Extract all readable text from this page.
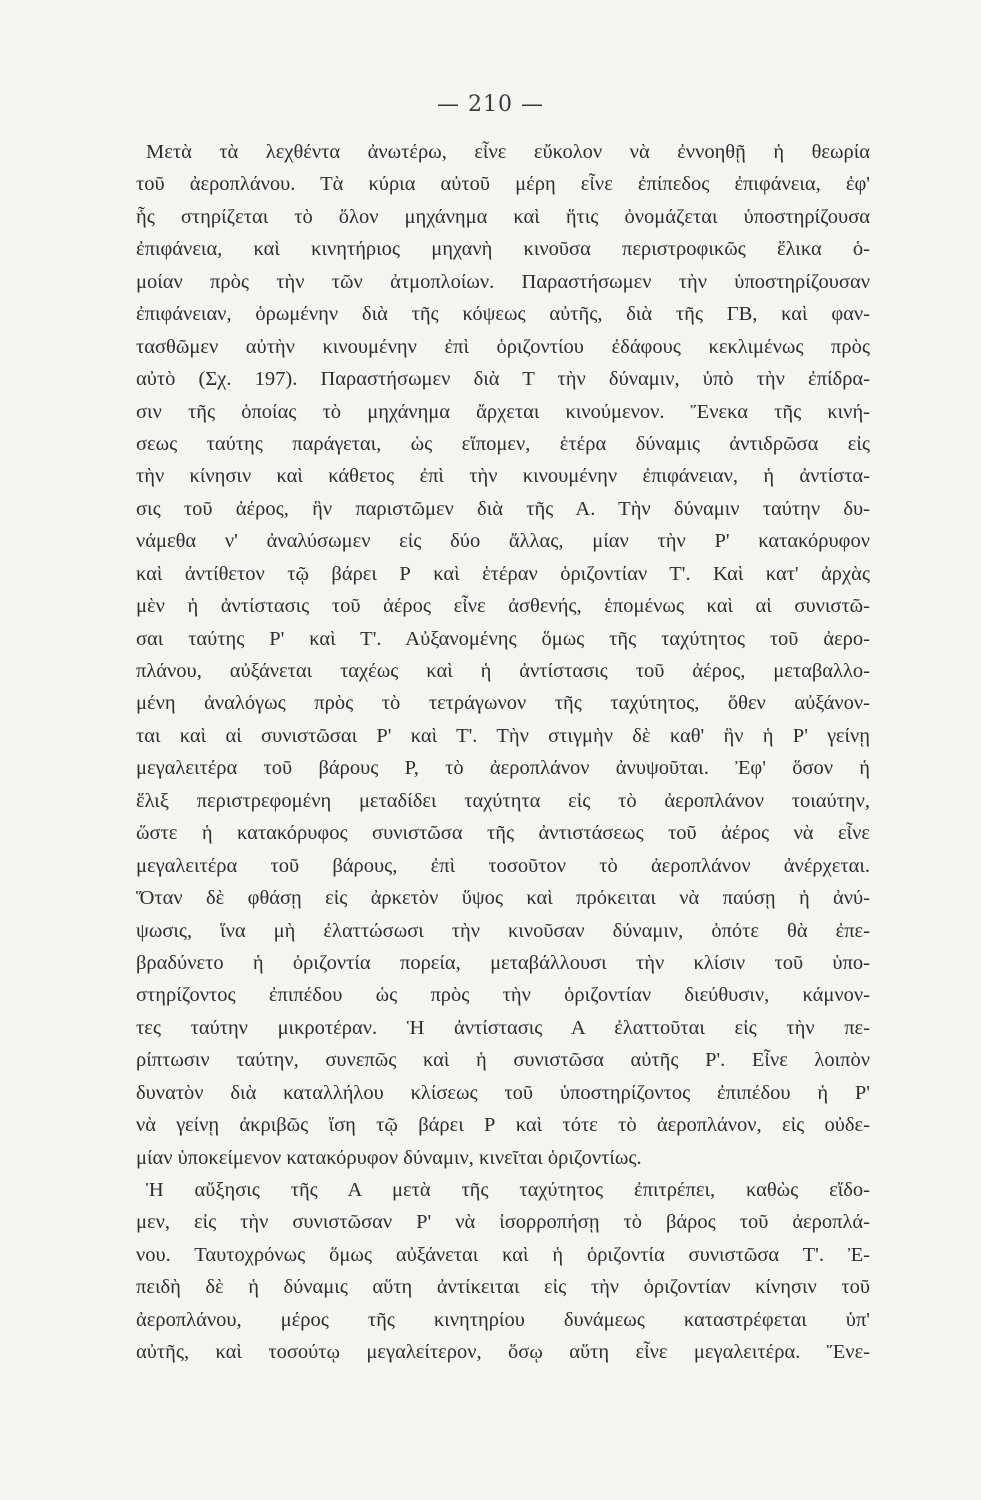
— 210 —
Μετὰ τὰ λεχθέντα ἀνωτέρω, εἶνε εὔκολον νὰ ἐννοηθῇ ἡ θεωρία
τοῦ ἀεροπλάνου. Τὰ κύρια αὐτοῦ μέρη εἶνε ἐπίπεδος ἐπιφάνεια, ἐφ'
ἧς στηρίζεται τὸ ὅλον μηχάνημα καὶ ἥτις ὀνομάζεται ὑποστηρίζουσα
ἐπιφάνεια, καὶ κινητήριος μηχανὴ κινοῦσα περιστροφικῶς ἕλικα ὁ-
μοίαν πρὸς τὴν τῶν ἀτμοπλοίων. Παραστήσωμεν τὴν ὑποστηρίζουσαν
ἐπιφάνειαν, ὁρωμένην διὰ τῆς κόψεως αὐτῆς, διὰ τῆς ΓΒ, καὶ φαν-
τασθῶμεν αὐτὴν κινουμένην ἐπὶ ὁριζοντίου ἐδάφους κεκλιμένως πρὸς
αὐτὸ (Σχ. 197). Παραστήσωμεν διὰ Τ τὴν δύναμιν, ὑπὸ τὴν ἐπίδρα-
σιν τῆς ὁποίας τὸ μηχάνημα ἄρχεται κινούμενον. Ἕνεκα τῆς κινή-
σεως ταύτης παράγεται, ὡς εἴπομεν, ἑτέρα δύναμις ἀντιδρῶσα εἰς
τὴν κίνησιν καὶ κάθετος ἐπὶ τὴν κινουμένην ἐπιφάνειαν, ἡ ἀντίστα-
σις τοῦ ἀέρος, ἣν παριστῶμεν διὰ τῆς Α. Τὴν δύναμιν ταύτην δυ-
νάμεθα ν' ἀναλύσωμεν εἰς δύο ἄλλας, μίαν τὴν Ρ' κατακόρυφον
καὶ ἀντίθετον τῷ βάρει Ρ καὶ ἑτέραν ὁριζοντίαν Τ'. Καὶ κατ' ἀρχὰς
μὲν ἡ ἀντίστασις τοῦ ἀέρος εἶνε ἀσθενής, ἑπομένως καὶ αἱ συνιστῶ-
σαι ταύτης Ρ' καὶ Τ'. Αὐξανομένης ὅμως τῆς ταχύτητος τοῦ ἀερο-
πλάνου, αὐξάνεται ταχέως καὶ ἡ ἀντίστασις τοῦ ἀέρος, μεταβαλλο-
μένη ἀναλόγως πρὸς τὸ τετράγωνον τῆς ταχύτητος, ὅθεν αὐξάνον-
ται καὶ αἱ συνιστῶσαι Ρ' καὶ Τ'. Τὴν στιγμὴν δὲ καθ' ἣν ἡ Ρ' γείνῃ
μεγαλειτέρα τοῦ βάρους Ρ, τὸ ἀεροπλάνον ἀνυψοῦται. Ἐφ' ὅσον ἡ
ἕλιξ περιστρεφομένη μεταδίδει ταχύτητα εἰς τὸ ἀεροπλάνον τοιαύτην,
ὥστε ἡ κατακόρυφος συνιστῶσα τῆς ἀντιστάσεως τοῦ ἀέρος νὰ εἶνε
μεγαλειτέρα τοῦ βάρους, ἐπὶ τοσοῦτον τὸ ἀεροπλάνον ἀνέρχεται.
Ὅταν δὲ φθάσῃ εἰς ἀρκετὸν ὕψος καὶ πρόκειται νὰ παύσῃ ἡ ἀνύ-
ψωσις, ἵνα μὴ ἐλαττώσωσι τὴν κινοῦσαν δύναμιν, ὁπότε θὰ ἐπε-
βραδύνετο ἡ ὁριζοντία πορεία, μεταβάλλουσι τὴν κλίσιν τοῦ ὑπο-
στηρίζοντος ἐπιπέδου ὡς πρὸς τὴν ὁριζοντίαν διεύθυσιν, κάμνον-
τες ταύτην μικροτέραν. Ἡ ἀντίστασις Α ἐλαττοῦται εἰς τὴν πε-
ρίπτωσιν ταύτην, συνεπῶς καὶ ἡ συνιστῶσα αὐτῆς Ρ'. Εἶνε λοιπὸν
δυνατὸν διὰ καταλλήλου κλίσεως τοῦ ὑποστηρίζοντος ἐπιπέδου ἡ Ρ'
νὰ γείνῃ ἀκριβῶς ἴση τῷ βάρει Ρ καὶ τότε τὸ ἀεροπλάνον, εἰς οὐδε-
μίαν ὑποκείμενον κατακόρυφον δύναμιν, κινεῖται ὁριζοντίως.
Ἡ αὔξησις τῆς Α μετὰ τῆς ταχύτητος ἐπιτρέπει, καθὼς εἴδο-
μεν, εἰς τὴν συνιστῶσαν Ρ' νὰ ἰσορροπήσῃ τὸ βάρος τοῦ ἀεροπλά-
νου. Ταυτοχρόνως ὅμως αὐξάνεται καὶ ἡ ὁριζοντία συνιστῶσα Τ'. Ἐ-
πειδὴ δὲ ἡ δύναμις αὕτη ἀντίκειται εἰς τὴν ὁριζοντίαν κίνησιν τοῦ
ἀεροπλάνου, μέρος τῆς κινητηρίου δυνάμεως καταστρέφεται ὑπ'
αὐτῆς, καὶ τοσούτῳ μεγαλείτερον, ὅσῳ αὕτη εἶνε μεγαλειτέρα. Ἕνε-
